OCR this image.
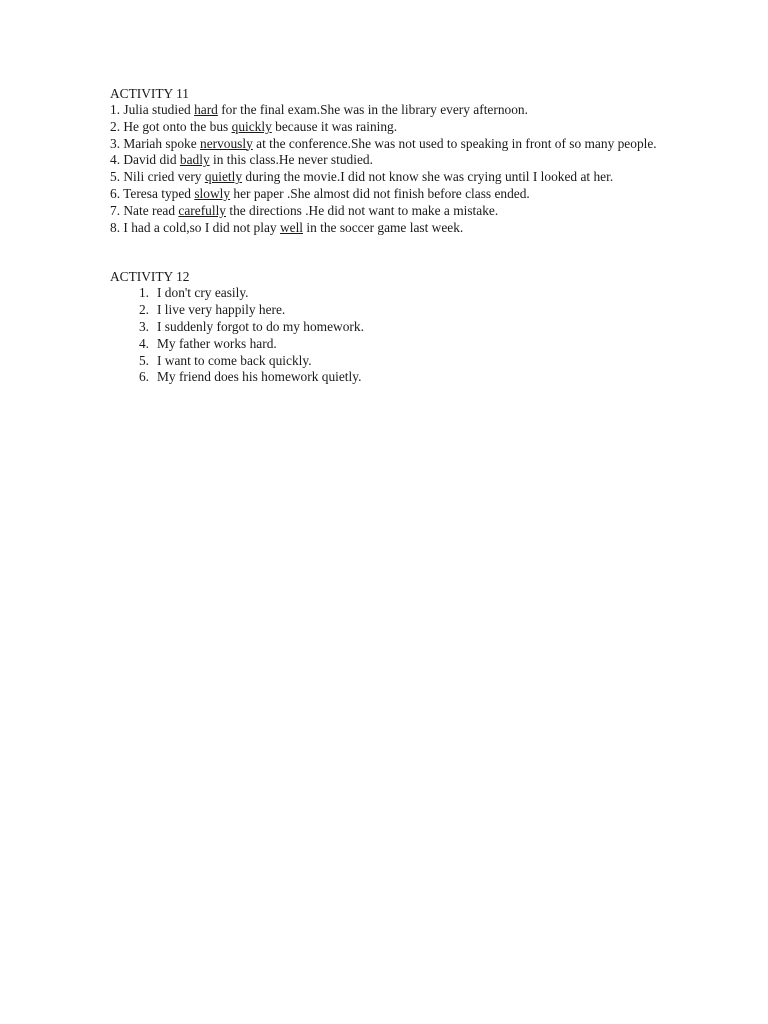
ACTIVITY 11
1. Julia studied hard for the final exam.She was in the library every afternoon.
2. He got onto the bus quickly because it was raining.
3. Mariah spoke nervously at the conference.She was not used to speaking in front of so many people.
4. David did badly in this class.He never studied.
5. Nili cried very quietly during the movie.I did not know she was crying until I looked at her.
6. Teresa typed slowly her paper .She almost did not finish before class ended.
7. Nate read carefully the directions .He did not want to make a mistake.
8. I had a cold,so I did not play well in the soccer game last week.
ACTIVITY 12
1. I don't cry easily.
2. I live very happily here.
3. I suddenly forgot to do my homework.
4. My father works hard.
5. I want to come back quickly.
6. My friend does his homework quietly.
